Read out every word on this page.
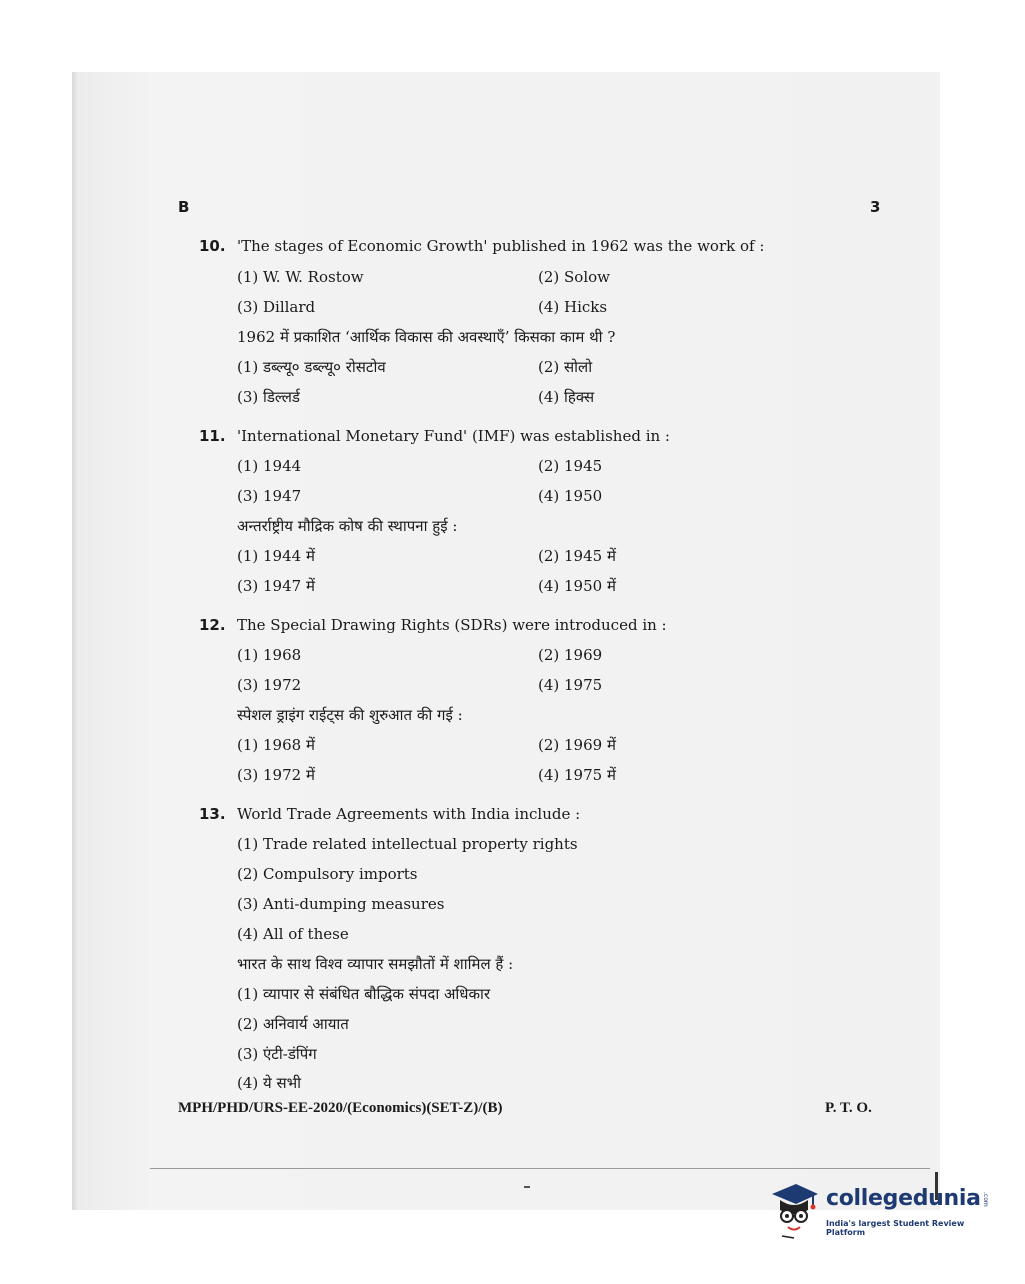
B	3
10. 'The stages of Economic Growth' published in 1962 was the work of :
(1) W. W. Rostow	(2) Solow
(3) Dillard	(4) Hicks
1962 में प्रकाशित ‘आर्थिक विकास की अवस्थाएँ’ किसका काम थी ?
(1) डब्ल्यू० डब्ल्यू० रोसटोव	(2) सोलो
(3) डिल्लर्ड	(4) हिक्स
11. 'International Monetary Fund' (IMF) was established in :
(1) 1944	(2) 1945
(3) 1947	(4) 1950
अन्तर्राष्ट्रीय मौद्रिक कोष की स्थापना हुई :
(1) 1944 में	(2) 1945 में
(3) 1947 में	(4) 1950 में
12. The Special Drawing Rights (SDRs) were introduced in :
(1) 1968	(2) 1969
(3) 1972	(4) 1975
स्पेशल ड्राइंग राईट्स की शुरुआत की गई :
(1) 1968 में	(2) 1969 में
(3) 1972 में	(4) 1975 में
13. World Trade Agreements with India include :
(1) Trade related intellectual property rights
(2) Compulsory imports
(3) Anti-dumping measures
(4) All of these
भारत के साथ विश्व व्यापार समझौतों में शामिल हैं :
(1) व्यापार से संबंधित बौद्धिक संपदा अधिकार
(2) अनिवार्य आयात
(3) एंटी-डंपिंग
(4) ये सभी
MPH/PHD/URS-EE-2020/(Economics)(SET-Z)/(B)	P. T. O.
collegedunia .com
India's largest Student Review Platform
